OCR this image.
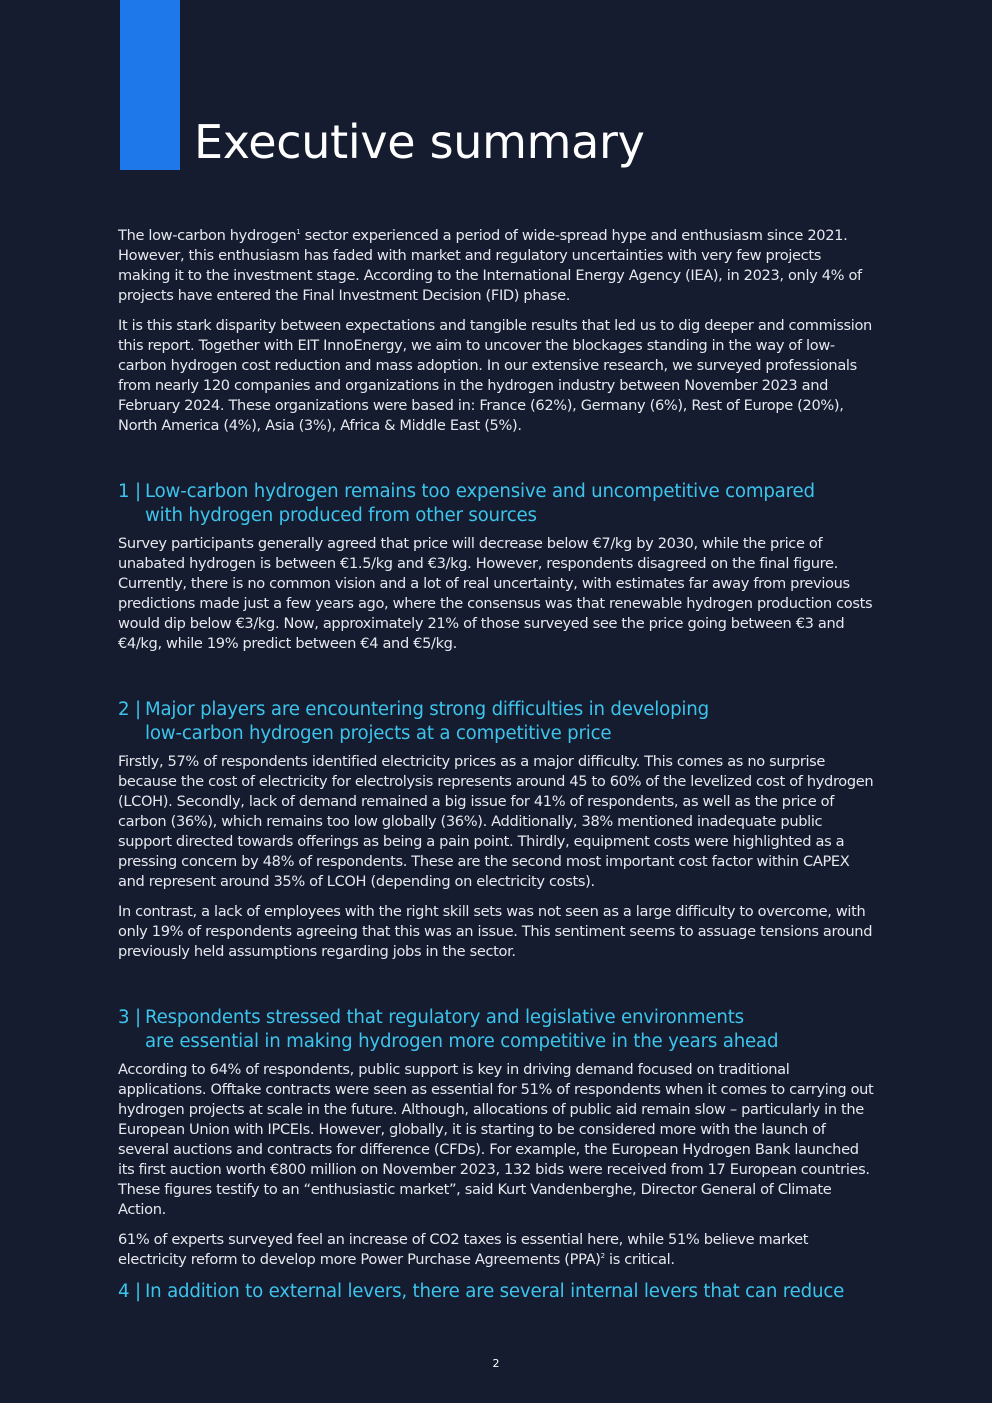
Executive summary

The low-carbon hydrogen$^1$ sector experienced a period of wide-spread hype and enthusiasm since 2021. However, this enthusiasm has faded with market and regulatory uncertainties with very few projects making it to the investment stage. According to the International Energy Agency (IEA), in 2023, only 4% of projects have entered the Final Investment Decision (FID) phase.

It is this stark disparity between expectations and tangible results that led us to dig deeper and commission this report. Together with EIT InnoEnergy, we aim to uncover the blockages standing in the way of low-carbon hydrogen cost reduction and mass adoption. In our extensive research, we surveyed professionals from nearly 120 companies and organizations in the hydrogen industry between November 2023 and February 2024. These organizations were based in: France (62%), Germany (6%), Rest of Europe (20%), North America (4%), Asia (3%), Africa & Middle East (5%).

1 | Low-carbon hydrogen remains too expensive and uncompetitive compared
with hydrogen produced from other sources

Survey participants generally agreed that price will decrease below €7/kg by 2030, while the price of unabated hydrogen is between €1.5/kg and €3/kg. However, respondents disagreed on the final figure. Currently, there is no common vision and a lot of real uncertainty, with estimates far away from previous predictions made just a few years ago, where the consensus was that renewable hydrogen production costs would dip below €3/kg. Now, approximately 21% of those surveyed see the price going between €3 and €4/kg, while 19% predict between €4 and €5/kg.

2 | Major players are encountering strong difficulties in developing
low-carbon hydrogen projects at a competitive price

Firstly, 57% of respondents identified electricity prices as a major difficulty. This comes as no surprise because the cost of electricity for electrolysis represents around 45 to 60% of the levelized cost of hydrogen (LCOH). Secondly, lack of demand remained a big issue for 41% of respondents, as well as the price of carbon (36%), which remains too low globally (36%). Additionally, 38% mentioned inadequate public support directed towards offerings as being a pain point. Thirdly, equipment costs were highlighted as a pressing concern by 48% of respondents. These are the second most important cost factor within CAPEX and represent around 35% of LCOH (depending on electricity costs).

In contrast, a lack of employees with the right skill sets was not seen as a large difficulty to overcome, with only 19% of respondents agreeing that this was an issue. This sentiment seems to assuage tensions around previously held assumptions regarding jobs in the sector.

3 | Respondents stressed that regulatory and legislative environments
are essential in making hydrogen more competitive in the years ahead

According to 64% of respondents, public support is key in driving demand focused on traditional applications. Offtake contracts were seen as essential for 51% of respondents when it comes to carrying out hydrogen projects at scale in the future. Although, allocations of public aid remain slow – particularly in the European Union with IPCEIs. However, globally, it is starting to be considered more with the launch of several auctions and contracts for difference (CFDs). For example, the European Hydrogen Bank launched its first auction worth €800 million on November 2023, 132 bids were received from 17 European countries. These figures testify to an “enthusiastic market”, said Kurt Vandenberghe, Director General of Climate Action.

61% of experts surveyed feel an increase of CO2 taxes is essential here, while 51% believe market electricity reform to develop more Power Purchase Agreements (PPA)$^2$ is critical.

4 | In addition to external levers, there are several internal levers that can reduce
2
